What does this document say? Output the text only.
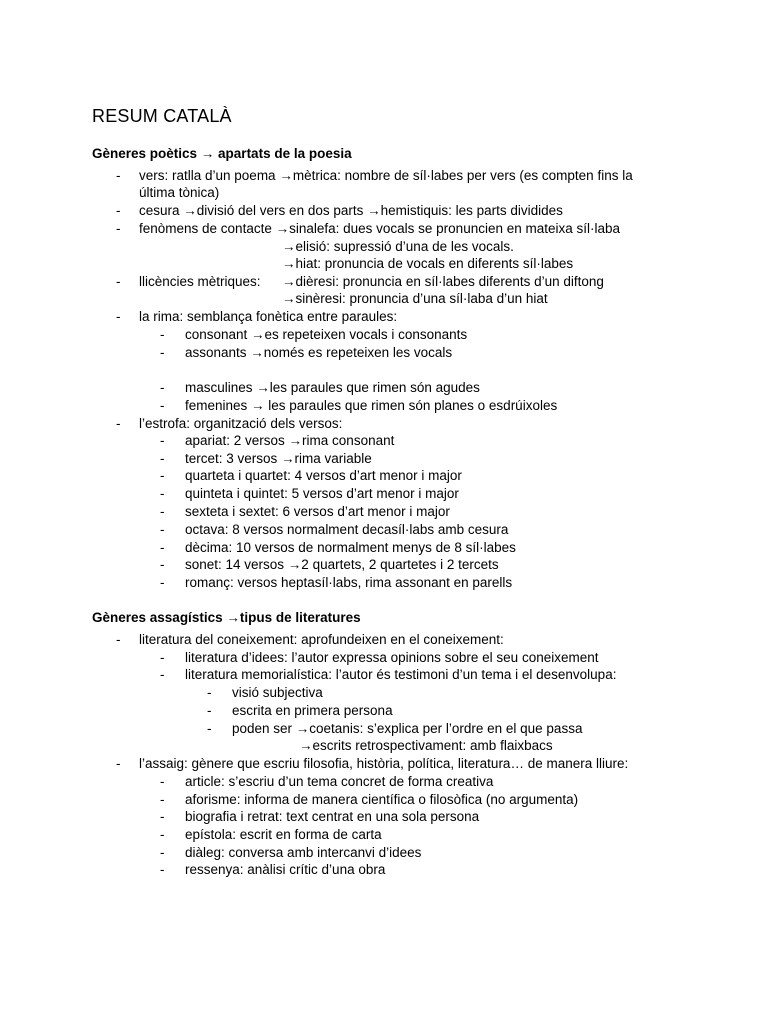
RESUM CATALÀ
Gèneres poètics → apartats de la poesia
- vers: ratlla d’un poema →mètrica: nombre de síl·labes per vers (es compten fins la
última tònica)
- cesura →divisió del vers en dos parts →hemistiquis: les parts dividides
- fenòmens de contacte →sinalefa: dues vocals se pronuncien en mateixa síl·laba
→elisió: supressió d’una de les vocals.
→hiat: pronuncia de vocals en diferents síl·labes
- llicències mètriques: →dièresi: pronuncia en síl·labes diferents d’un diftong
→sinèresi: pronuncia d’una síl·laba d’un hiat
- la rima: semblança fonètica entre paraules:
- consonant →es repeteixen vocals i consonants
- assonants →només es repeteixen les vocals
- masculines →les paraules que rimen són agudes
- femenines → les paraules que rimen són planes o esdrúixoles
- l’estrofa: organització dels versos:
- apariat: 2 versos →rima consonant
- tercet: 3 versos →rima variable
- quarteta i quartet: 4 versos d’art menor i major
- quinteta i quintet: 5 versos d’art menor i major
- sexteta i sextet: 6 versos d’art menor i major
- octava: 8 versos normalment decasíl·labs amb cesura
- dècima: 10 versos de normalment menys de 8 síl·labes
- sonet: 14 versos →2 quartets, 2 quartetes i 2 tercets
- romanç: versos heptasíl·labs, rima assonant en parells
Gèneres assagístics →tipus de literatures
- literatura del coneixement: aprofundeixen en el coneixement:
- literatura d’idees: l’autor expressa opinions sobre el seu coneixement
- literatura memorialística: l’autor és testimoni d’un tema i el desenvolupa:
- visió subjectiva
- escrita en primera persona
- poden ser →coetanis: s’explica per l’ordre en el que passa
→escrits retrospectivament: amb flaixbacs
- l’assaig: gènere que escriu filosofia, història, política, literatura… de manera lliure:
- article: s’escriu d’un tema concret de forma creativa
- aforisme: informa de manera científica o filosòfica (no argumenta)
- biografia i retrat: text centrat en una sola persona
- epístola: escrit en forma de carta
- diàleg: conversa amb intercanvi d’idees
- ressenya: anàlisi crític d’una obra
